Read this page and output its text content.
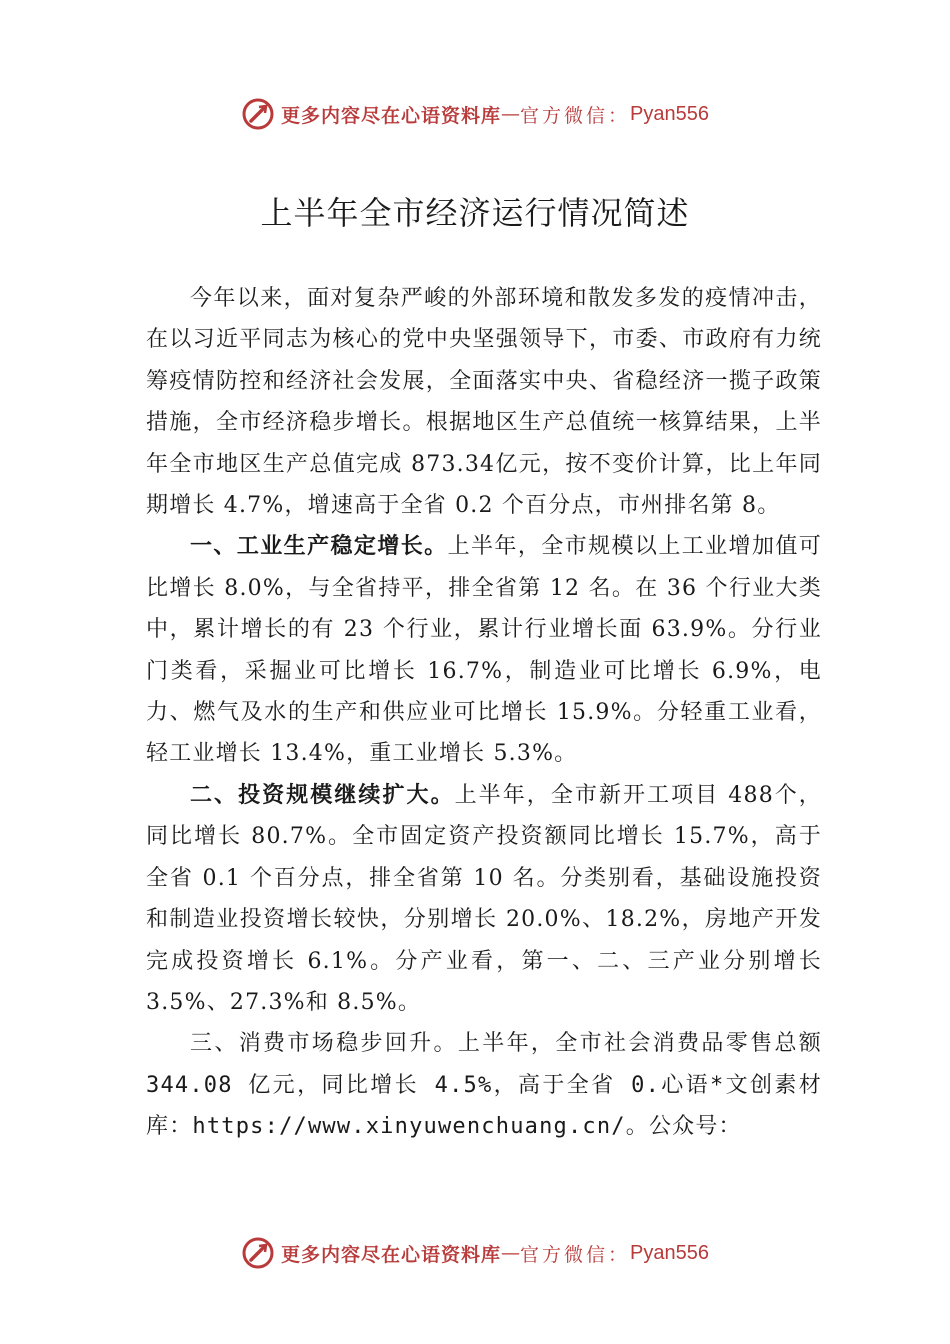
更多内容尽在心语资料库 — 官方微信： Pyan556
上半年全市经济运行情况简述

今年以来，面对复杂严峻的外部环境和散发多发的疫情冲击，在以习近平同志为核心的党中央坚强领导下，市委、市政府有力统筹疫情防控和经济社会发展，全面落实中央、省稳经济一揽子政策措施，全市经济稳步增长。根据地区生产总值统一核算结果，上半年全市地区生产总值完成 873.34亿元，按不变价计算，比上年同期增长 4.7%，增速高于全省 0.2 个百分点，市州排名第 8。

一、工业生产稳定增长。上半年，全市规模以上工业增加值可比增长 8.0%，与全省持平，排全省第 12 名。在 36 个行业大类中，累计增长的有 23 个行业，累计行业增长面 63.9%。分行业门类看，采掘业可比增长 16.7%，制造业可比增长 6.9%，电力、燃气及水的生产和供应业可比增长 15.9%。分轻重工业看，轻工业增长 13.4%，重工业增长 5.3%。

二、投资规模继续扩大。上半年，全市新开工项目 488个，同比增长 80.7%。全市固定资产投资额同比增长 15.7%，高于全省 0.1 个百分点，排全省第 10 名。分类别看，基础设施投资和制造业投资增长较快，分别增长 20.0%、18.2%，房地产开发完成投资增长 6.1%。分产业看，第一、二、三产业分别增长 3.5%、27.3%和 8.5%。

三、消费市场稳步回升。上半年，全市社会消费品零售总额 344.08 亿元，同比增长 4.5%，高于全省 0.心语*文创素材库：https://www.xinyuwenchuang.cn/。公众号：

更多内容尽在心语资料库 — 官方微信： Pyan556
